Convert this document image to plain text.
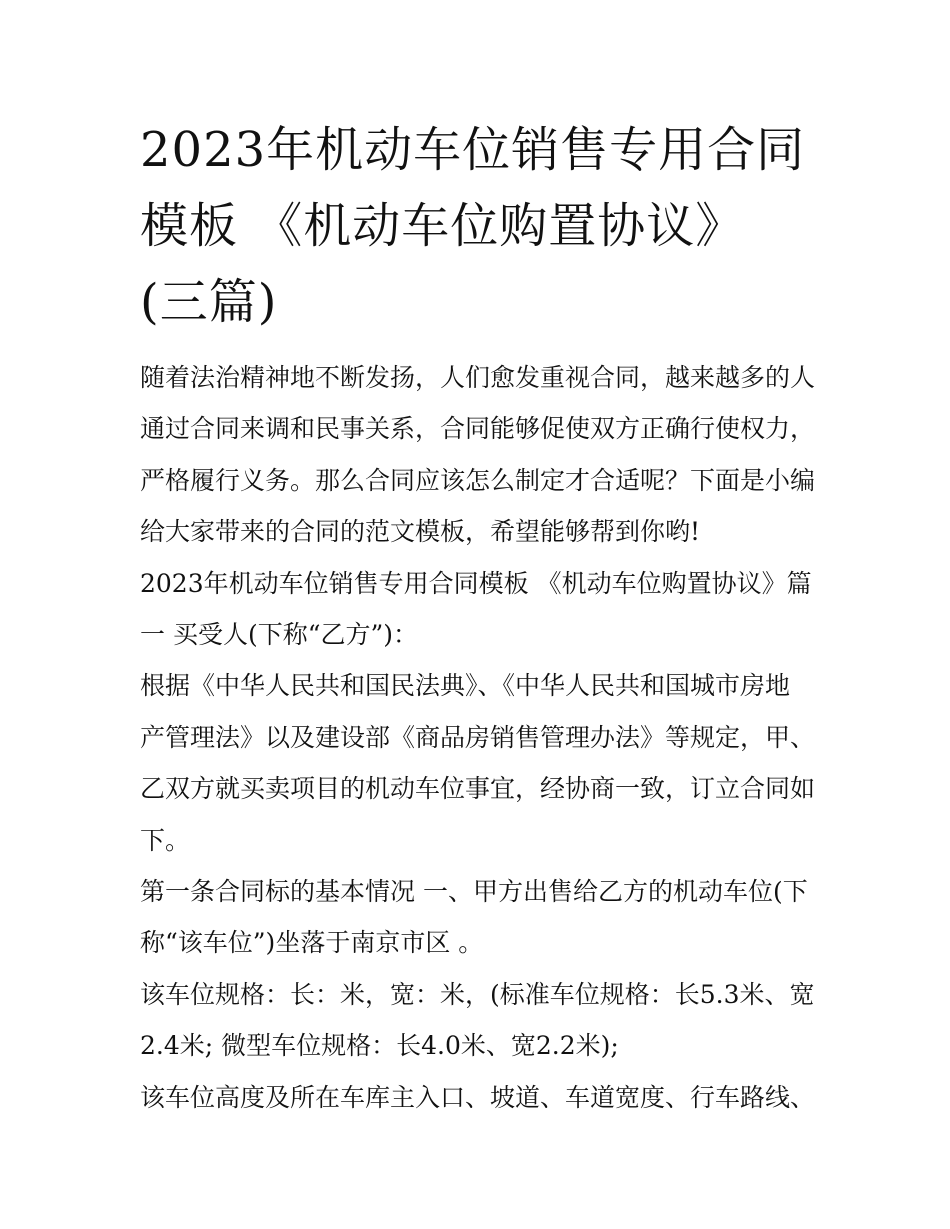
2023年机动车位销售专用合同
模板 《机动车位购置协议》
(三篇)
随着法治精神地不断发扬，人们愈发重视合同，越来越多的人
通过合同来调和民事关系，合同能够促使双方正确行使权力，
严格履行义务。那么合同应该怎么制定才合适呢？下面是小编
给大家带来的合同的范文模板，希望能够帮到你哟!
2023年机动车位销售专用合同模板 《机动车位购置协议》篇
一 买受人(下称“乙方”)：
根据《中华人民共和国民法典》、《中华人民共和国城市房地
产管理法》以及建设部《商品房销售管理办法》等规定，甲、
乙双方就买卖项目的机动车位事宜，经协商一致，订立合同如
下。
第一条合同标的基本情况 一、甲方出售给乙方的机动车位(下
称“该车位”)坐落于南京市区 。
该车位规格：长：米，宽：米，(标准车位规格：长5.3米、宽
2.4米; 微型车位规格：长4.0米、宽2.2米);
该车位高度及所在车库主入口、坡道、车道宽度、行车路线、
